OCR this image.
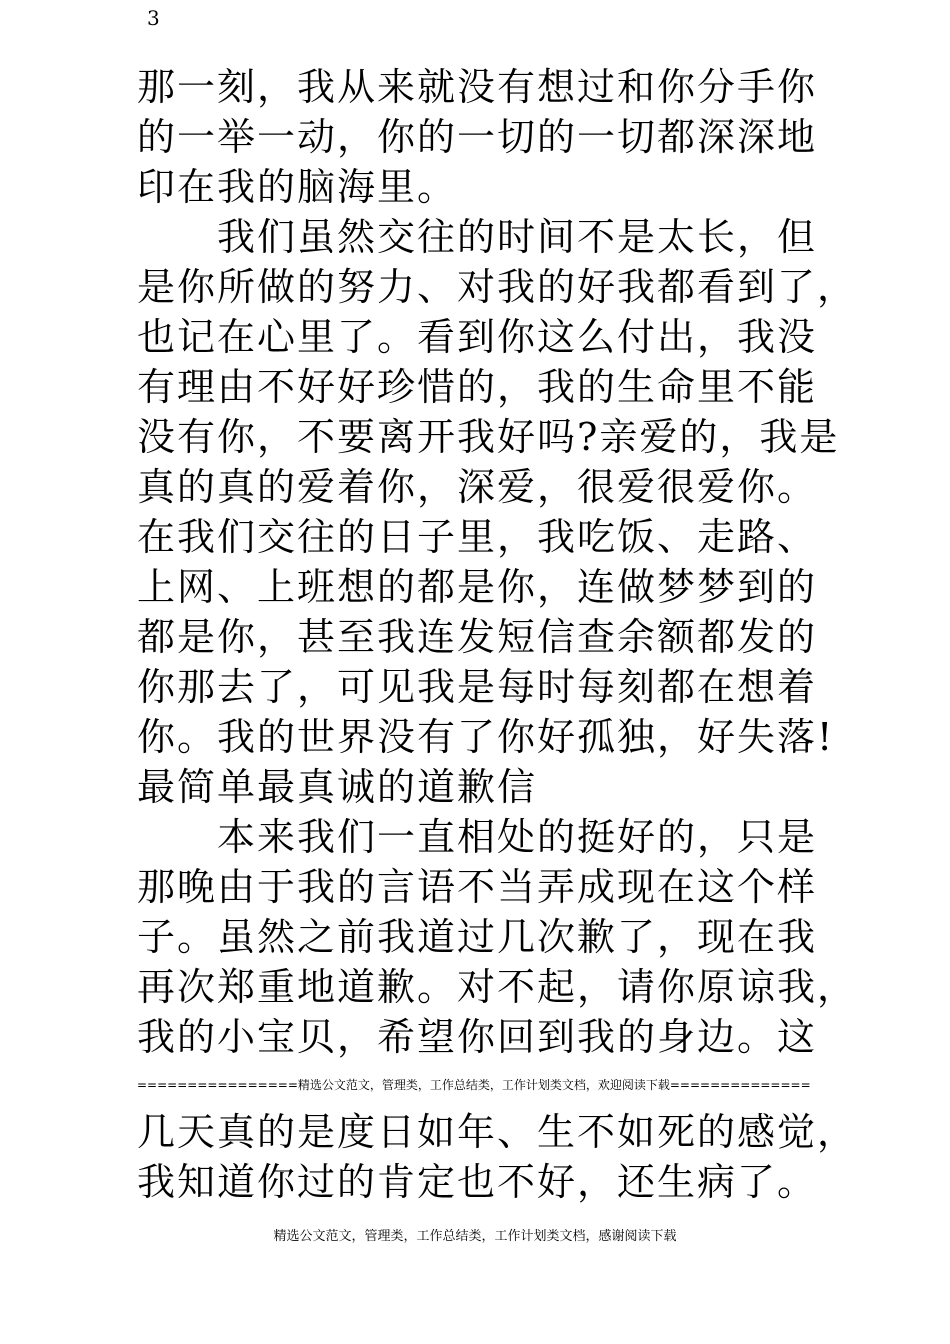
3
那一刻，我从来就没有想过和你分手你
的一举一动，你的一切的一切都深深地
印在我的脑海里。
　　我们虽然交往的时间不是太长，但
是你所做的努力、对我的好我都看到了，
也记在心里了。看到你这么付出，我没
有理由不好好珍惜的，我的生命里不能
没有你，不要离开我好吗?亲爱的，我是
真的真的爱着你，深爱，很爱很爱你。
在我们交往的日子里，我吃饭、走路、
上网、上班想的都是你，连做梦梦到的
都是你，甚至我连发短信查余额都发的
你那去了，可见我是每时每刻都在想着
你。我的世界没有了你好孤独，好失落!
最简单最真诚的道歉信
　　本来我们一直相处的挺好的，只是
那晚由于我的言语不当弄成现在这个样
子。虽然之前我道过几次歉了，现在我
再次郑重地道歉。对不起，请你原谅我，
我的小宝贝，希望你回到我的身边。这
================精选公文范文，管理类，工作总结类，工作计划类文档，欢迎阅读下载==============
几天真的是度日如年、生不如死的感觉，
我知道你过的肯定也不好，还生病了。
精选公文范文，管理类，工作总结类，工作计划类文档，感谢阅读下载
